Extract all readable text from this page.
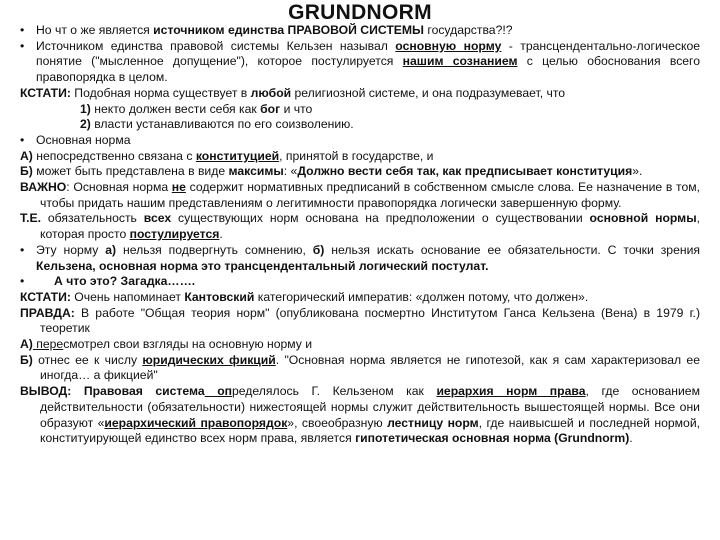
GRUNDNORM

• Но чт о же является источником единства ПРАВОВОЙ СИСТЕМЫ государства?!?

• Источником единства правовой системы Кельзен называл основную норму - трансцендентально-логическое понятие ("мысленное допущение"), которое постулируется нашим сознанием с целью обоснования всего правопорядка в целом.

КСТАТИ: Подобная норма существует в любой религиозной системе, и она подразумевает, что

1) некто должен вести себя как бог и что

2) власти устанавливаются по его соизволению.

• Основная норма

А) непосредственно связана с конституцией, принятой в государстве, и

Б) может быть представлена в виде максимы: «Должно вести себя так, как предписывает конституция».

ВАЖНО: Основная норма не содержит нормативных предписаний в собственном смысле слова. Ее назначение в том, чтобы придать нашим представлениям о легитимности правопорядка логически завершенную форму.

Т.Е. обязательность всех существующих норм основана на предположении о существовании основной нормы, которая просто постулируется.

• Эту норму а) нельзя подвергнуть сомнению, б) нельзя искать основание ее обязательности. С точки зрения Кельзена, основная норма это трансцендентальный логический постулат.

• А что это? Загадка…….

КСТАТИ: Очень напоминает Кантовский категорический императив: «должен потому, что должен».

ПРАВДА: В работе "Общая теория норм" (опубликована посмертно Институтом Ганса Кельзена (Вена) в 1979 г.) теоретик

А) пересмотрел свои взгляды на основную норму и

Б) отнес ее к числу юридических фикций. "Основная норма является не гипотезой, как я сам характеризовал ее иногда… а фикцией"

ВЫВОД: Правовая система определялось Г. Кельзеном как иерархия норм права, где основанием действительности (обязательности) нижестоящей нормы служит действительность вышестоящей нормы. Все они образуют «иерархический правопорядок», своеобразную лестницу норм, где наивысшей и последней нормой, конституирующей единство всех норм права, является гипотетическая основная норма (Grundnorm).
